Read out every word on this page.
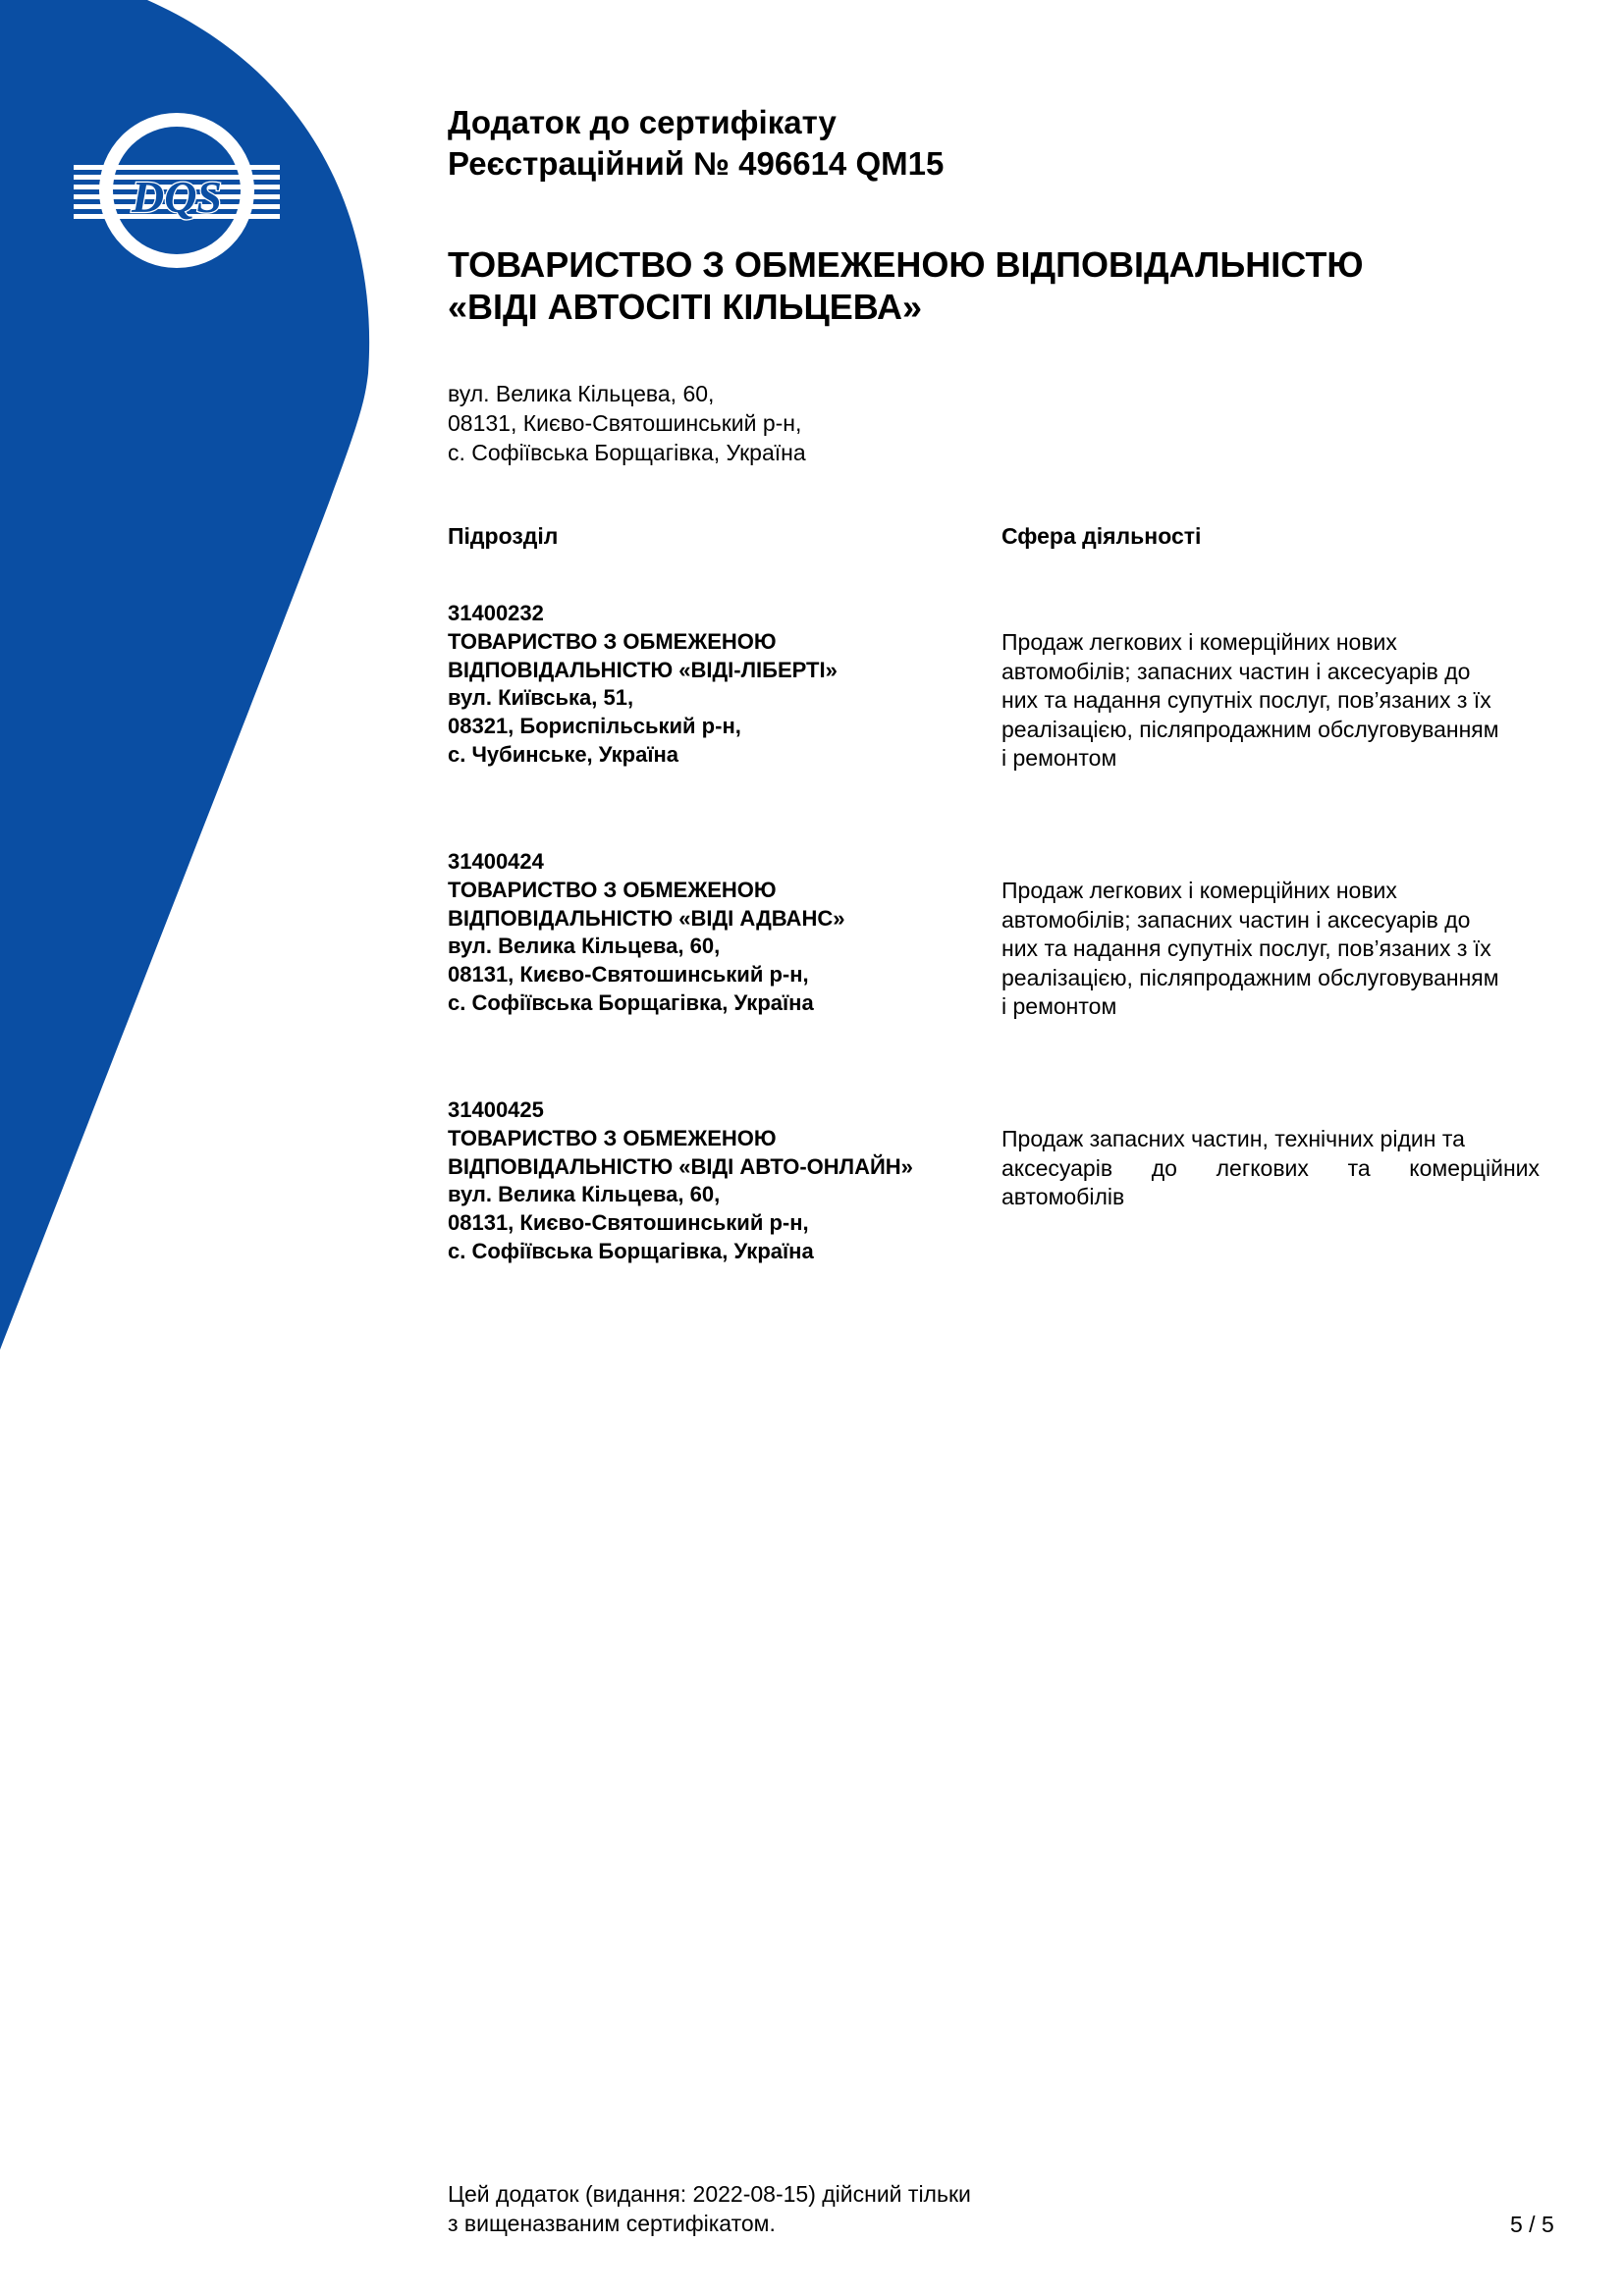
DQS
Додаток до сертифікату
Реєстраційний № 496614 QM15
ТОВАРИСТВО З ОБМЕЖЕНОЮ ВІДПОВІДАЛЬНІСТЮ
«ВІДІ АВТОСІТІ КІЛЬЦЕВА»
вул. Велика Кільцева, 60,
08131, Києво-Святошинський р-н,
с. Софіївська Борщагівка, Україна
Підрозділ	Сфера діяльності
31400232
ТОВАРИСТВО З ОБМЕЖЕНОЮ
ВІДПОВІДАЛЬНІСТЮ «ВІДІ-ЛІБЕРТІ»
вул. Київська, 51,
08321, Бориспільський р-н,
с. Чубинське, Україна
Продаж легкових і комерційних нових
автомобілів; запасних частин і аксесуарів до
них та надання супутніх послуг, пов’язаних з їх
реалізацією, післяпродажним обслуговуванням
і ремонтом
31400424
ТОВАРИСТВО З ОБМЕЖЕНОЮ
ВІДПОВІДАЛЬНІСТЮ «ВІДІ АДВАНС»
вул. Велика Кільцева, 60,
08131, Києво-Святошинський р-н,
с. Софіївська Борщагівка, Україна
Продаж легкових і комерційних нових
автомобілів; запасних частин і аксесуарів до
них та надання супутніх послуг, пов’язаних з їх
реалізацією, післяпродажним обслуговуванням
і ремонтом
31400425
ТОВАРИСТВО З ОБМЕЖЕНОЮ
ВІДПОВІДАЛЬНІСТЮ «ВІДІ АВТО-ОНЛАЙН»
вул. Велика Кільцева, 60,
08131, Києво-Святошинський р-н,
с. Софіївська Борщагівка, Україна
Продаж запасних частин, технічних рідин та
аксесуарів до легкових та комерційних
автомобілів
Цей додаток (видання: 2022-08-15) дійсний тільки
з вищеназваним сертифікатом.	5 / 5
